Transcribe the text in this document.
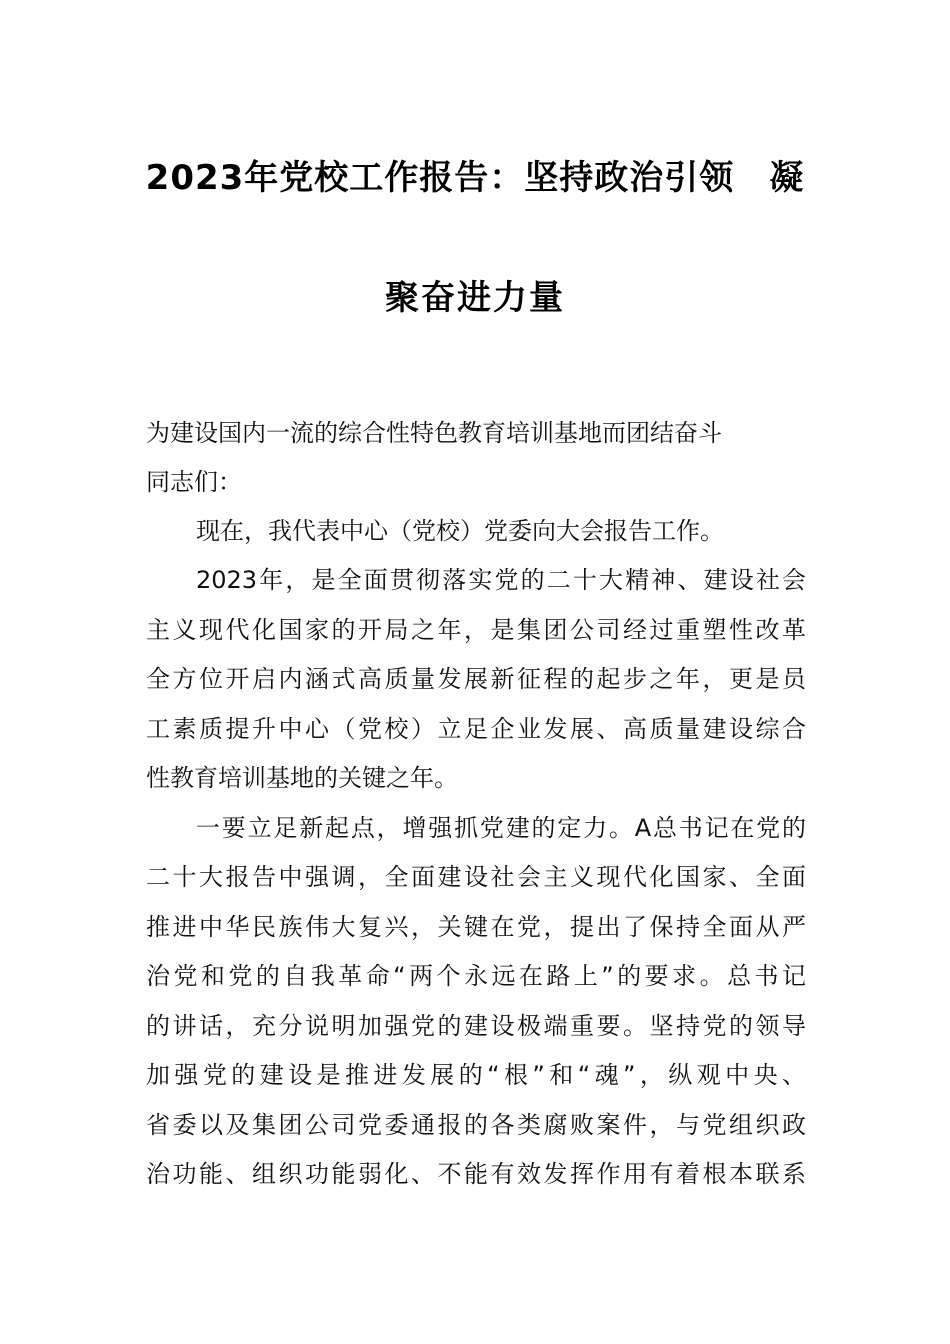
2023年党校工作报告：坚持政治引领　凝
聚奋进力量
为建设国内一流的综合性特色教育培训基地而团结奋斗
同志们：
现在，我代表中心（党校）党委向大会报告工作。
2023年，是全面贯彻落实党的二十大精神、建设社会
主义现代化国家的开局之年，是集团公司经过重塑性改革
全方位开启内涵式高质量发展新征程的起步之年，更是员
工素质提升中心（党校）立足企业发展、高质量建设综合
性教育培训基地的关键之年。
一要立足新起点，增强抓党建的定力。A总书记在党的
二十大报告中强调，全面建设社会主义现代化国家、全面
推进中华民族伟大复兴，关键在党，提出了保持全面从严
治党和党的自我革命“两个永远在路上”的要求。总书记
的讲话，充分说明加强党的建设极端重要。坚持党的领导
加强党的建设是推进发展的“根”和“魂”，纵观中央、
省委以及集团公司党委通报的各类腐败案件，与党组织政
治功能、组织功能弱化、不能有效发挥作用有着根本联系
